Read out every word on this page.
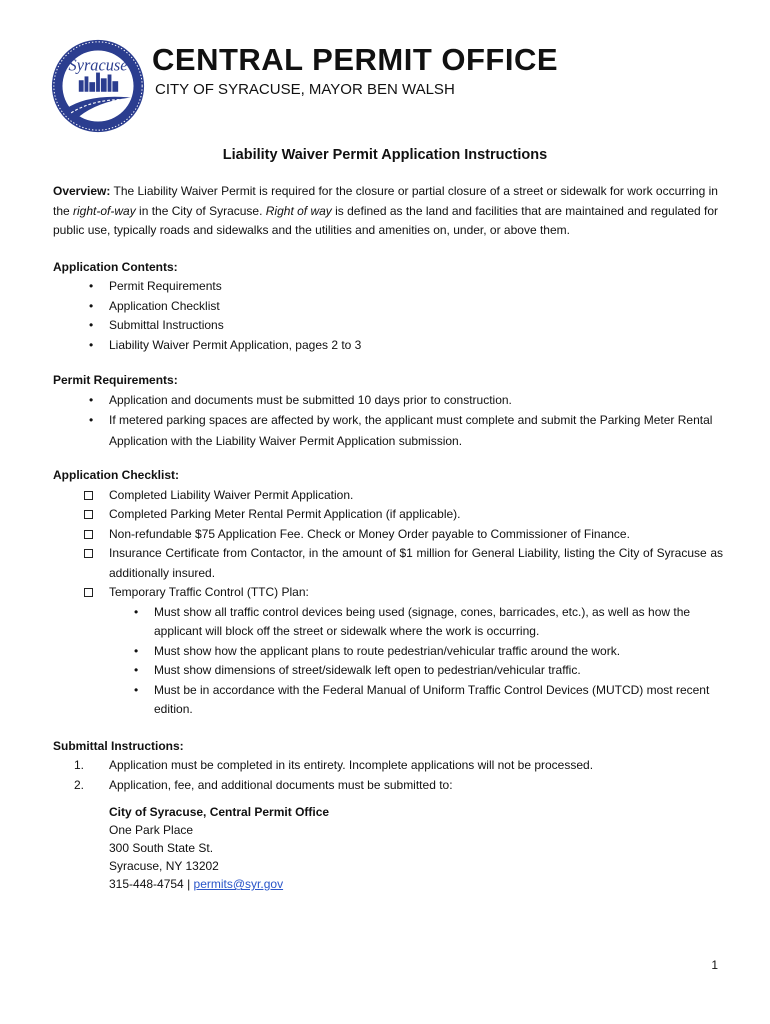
Syracuse CENTRAL PERMIT OFFICE
CITY OF SYRACUSE, MAYOR BEN WALSH
Liability Waiver Permit Application Instructions

Overview: The Liability Waiver Permit is required for the closure or partial closure of a street or sidewalk for work occurring in the right-of-way in the City of Syracuse. Right of way is defined as the land and facilities that are maintained and regulated for public use, typically roads and sidewalks and the utilities and amenities on, under, or above them.

Application Contents:

• Permit Requirements
• Application Checklist
• Submittal Instructions
• Liability Waiver Permit Application, pages 2 to 3

Permit Requirements:

• Application and documents must be submitted 10 days prior to construction.
• If metered parking spaces are affected by work, the applicant must complete and submit the Parking Meter Rental Application with the Liability Waiver Permit Application submission.

Application Checklist:

Completed Liability Waiver Permit Application.
Completed Parking Meter Rental Permit Application (if applicable).
Non-refundable $75 Application Fee. Check or Money Order payable to Commissioner of Finance.
Insurance Certificate from Contactor, in the amount of $1 million for General Liability, listing the City of Syracuse as additionally insured.
Temporary Traffic Control (TTC) Plan:
• Must show all traffic control devices being used (signage, cones, barricades, etc.), as well as how the applicant will block off the street or sidewalk where the work is occurring.
• Must show how the applicant plans to route pedestrian/vehicular traffic around the work.
• Must show dimensions of street/sidewalk left open to pedestrian/vehicular traffic.
• Must be in accordance with the Federal Manual of Uniform Traffic Control Devices (MUTCD) most recent edition.

Submittal Instructions:

1. Application must be completed in its entirety. Incomplete applications will not be processed.
2. Application, fee, and additional documents must be submitted to:
City of Syracuse, Central Permit Office
One Park Place
300 South State St.
Syracuse, NY 13202
315-448-4754 | permits@syr.gov
1
